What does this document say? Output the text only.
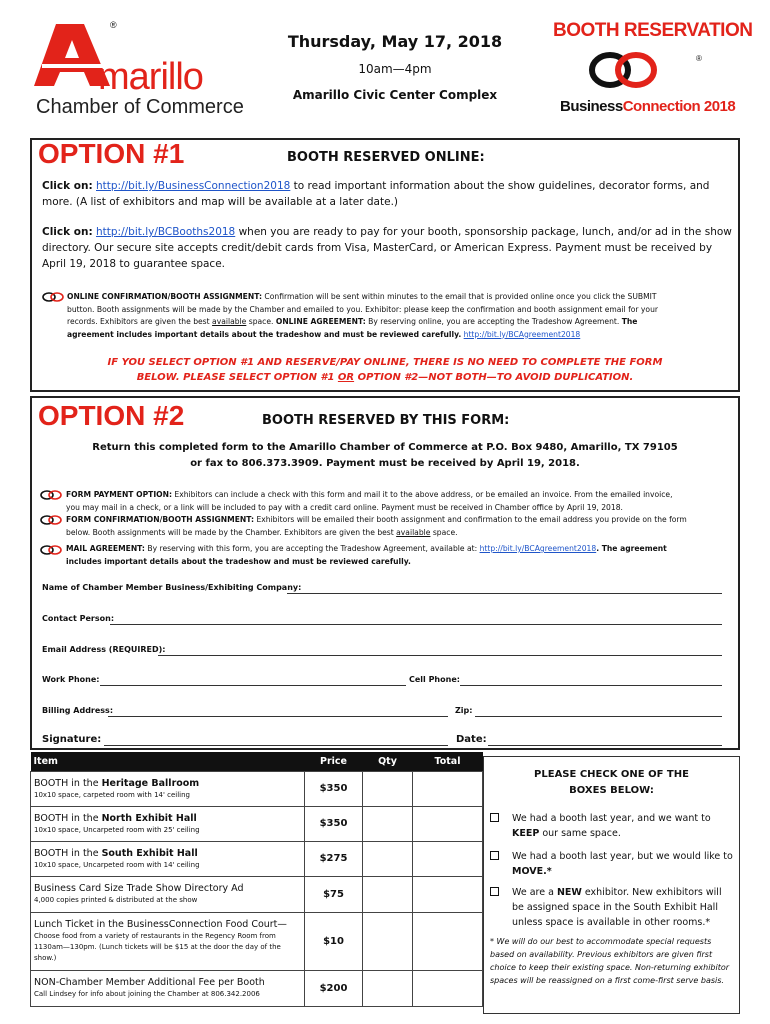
®
marillo
Chamber of Commerce
Thursday, May 17, 2018
10am—4pm
Amarillo Civic Center Complex
BOOTH RESERVATION
®
BusinessConnection 2018
OPTION #1	BOOTH RESERVED ONLINE:
Click on: http://bit.ly/BusinessConnection2018 to read important information about the show guidelines, decorator forms, and
more. (A list of exhibitors and map will be available at a later date.)
Click on: http://bit.ly/BCBooths2018 when you are ready to pay for your booth, sponsorship package, lunch, and/or ad in the show
directory. Our secure site accepts credit/debit cards from Visa, MasterCard, or American Express. Payment must be received by
April 19, 2018 to guarantee space.
ONLINE CONFIRMATION/BOOTH ASSIGNMENT: Confirmation will be sent within minutes to the email that is provided online once you click the SUBMIT
button. Booth assignments will be made by the Chamber and emailed to you. Exhibitor: please keep the confirmation and booth assignment email for your
records. Exhibitors are given the best available space. ONLINE AGREEMENT: By reserving online, you are accepting the Tradeshow Agreement. The
agreement includes important details about the tradeshow and must be reviewed carefully. http://bit.ly/BCAgreement2018
IF YOU SELECT OPTION #1 AND RESERVE/PAY ONLINE, THERE IS NO NEED TO COMPLETE THE FORM
BELOW. PLEASE SELECT OPTION #1 OR OPTION #2—NOT BOTH—TO AVOID DUPLICATION.
OPTION #2	BOOTH RESERVED BY THIS FORM:
Return this completed form to the Amarillo Chamber of Commerce at P.O. Box 9480, Amarillo, TX 79105
or fax to 806.373.3909. Payment must be received by April 19, 2018.
FORM PAYMENT OPTION: Exhibitors can include a check with this form and mail it to the above address, or be emailed an invoice. From the emailed invoice,
you may mail in a check, or a link will be included to pay with a credit card online. Payment must be received in Chamber office by April 19, 2018.
FORM CONFIRMATION/BOOTH ASSIGNMENT: Exhibitors will be emailed their booth assignment and confirmation to the email address you provide on the form
below. Booth assignments will be made by the Chamber. Exhibitors are given the best available space.
MAIL AGREEMENT: By reserving with this form, you are accepting the Tradeshow Agreement, available at: http://bit.ly/BCAgreement2018. The agreement
includes important details about the tradeshow and must be reviewed carefully.
Name of Chamber Member Business/Exhibiting Company:
Contact Person:
Email Address (REQUIRED):
Work Phone:	Cell Phone:
Billing Address:	Zip:
Signature:	Date:
Item	Price	Qty	Total

BOOTH in the Heritage Ballroom
10x10 space, carpeted room with 14' ceiling	$350		

BOOTH in the North Exhibit Hall
10x10 space, Uncarpeted room with 25' ceiling	$350		

BOOTH in the South Exhibit Hall
10x10 space, Uncarpeted room with 14' ceiling	$275		

Business Card Size Trade Show Directory Ad
4,000 copies printed & distributed at the show	$75		

Lunch Ticket in the BusinessConnection Food Court—
Choose food from a variety of restaurants in the Regency Room from 1130am—130pm. (Lunch tickets will be $15 at the door the day of the show.)	$10		

NON-Chamber Member Additional Fee per Booth
Call Lindsey for info about joining the Chamber at 806.342.2006	$200		
PLEASE CHECK ONE OF THE
BOXES BELOW:
We had a booth last year, and we want to KEEP our same space.
We had a booth last year, but we would like to MOVE.*
We are a NEW exhibitor. New exhibitors will be assigned space in the South Exhibit Hall unless space is available in other rooms.*
* We will do our best to accommodate special requests based on availability. Previous exhibitors are given first choice to keep their existing space. Non-returning exhibitor spaces will be reassigned on a first come-first serve basis.
